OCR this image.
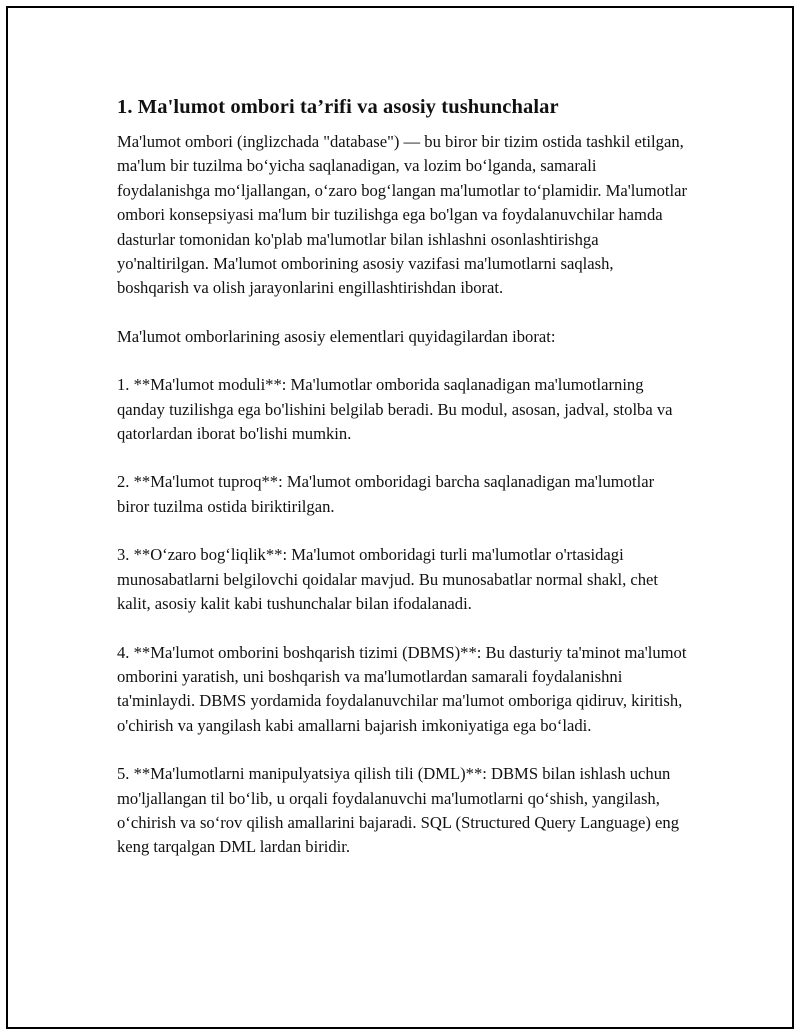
1. Ma'lumot ombori ta’rifi va asosiy tushunchalar

Ma'lumot ombori (inglizchada "database") — bu biror bir tizim ostida tashkil etilgan, ma'lum bir tuzilma bo‘yicha saqlanadigan, va lozim bo‘lganda, samarali foydalanishga mo‘ljallangan, o‘zaro bog‘langan ma'lumotlar to‘plamidir. Ma'lumotlar ombori konsepsiyasi ma'lum bir tuzilishga ega bo'lgan va foydalanuvchilar hamda dasturlar tomonidan ko'plab ma'lumotlar bilan ishlashni osonlashtirishga yo'naltirilgan. Ma'lumot omborining asosiy vazifasi ma'lumotlarni saqlash, boshqarish va olish jarayonlarini engillashtirishdan iborat.

Ma'lumot omborlarining asosiy elementlari quyidagilardan iborat:

1. **Ma'lumot moduli**: Ma'lumotlar omborida saqlanadigan ma'lumotlarning qanday tuzilishga ega bo'lishini belgilab beradi. Bu modul, asosan, jadval, stolba va qatorlardan iborat bo'lishi mumkin.

2. **Ma'lumot tuproq**: Ma'lumot omboridagi barcha saqlanadigan ma'lumotlar biror tuzilma ostida biriktirilgan.

3. **O‘zaro bog‘liqlik**: Ma'lumot omboridagi turli ma'lumotlar o'rtasidagi munosabatlarni belgilovchi qoidalar mavjud. Bu munosabatlar normal shakl, chet kalit, asosiy kalit kabi tushunchalar bilan ifodalanadi.

4. **Ma'lumot omborini boshqarish tizimi (DBMS)**: Bu dasturiy ta'minot ma'lumot omborini yaratish, uni boshqarish va ma'lumotlardan samarali foydalanishni ta'minlaydi. DBMS yordamida foydalanuvchilar ma'lumot omboriga qidiruv, kiritish, o'chirish va yangilash kabi amallarni bajarish imkoniyatiga ega bo‘ladi.

5. **Ma'lumotlarni manipulyatsiya qilish tili (DML)**: DBMS bilan ishlash uchun mo'ljallangan til bo‘lib, u orqali foydalanuvchi ma'lumotlarni qo‘shish, yangilash, o‘chirish va so‘rov qilish amallarini bajaradi. SQL (Structured Query Language) eng keng tarqalgan DML lardan biridir.
